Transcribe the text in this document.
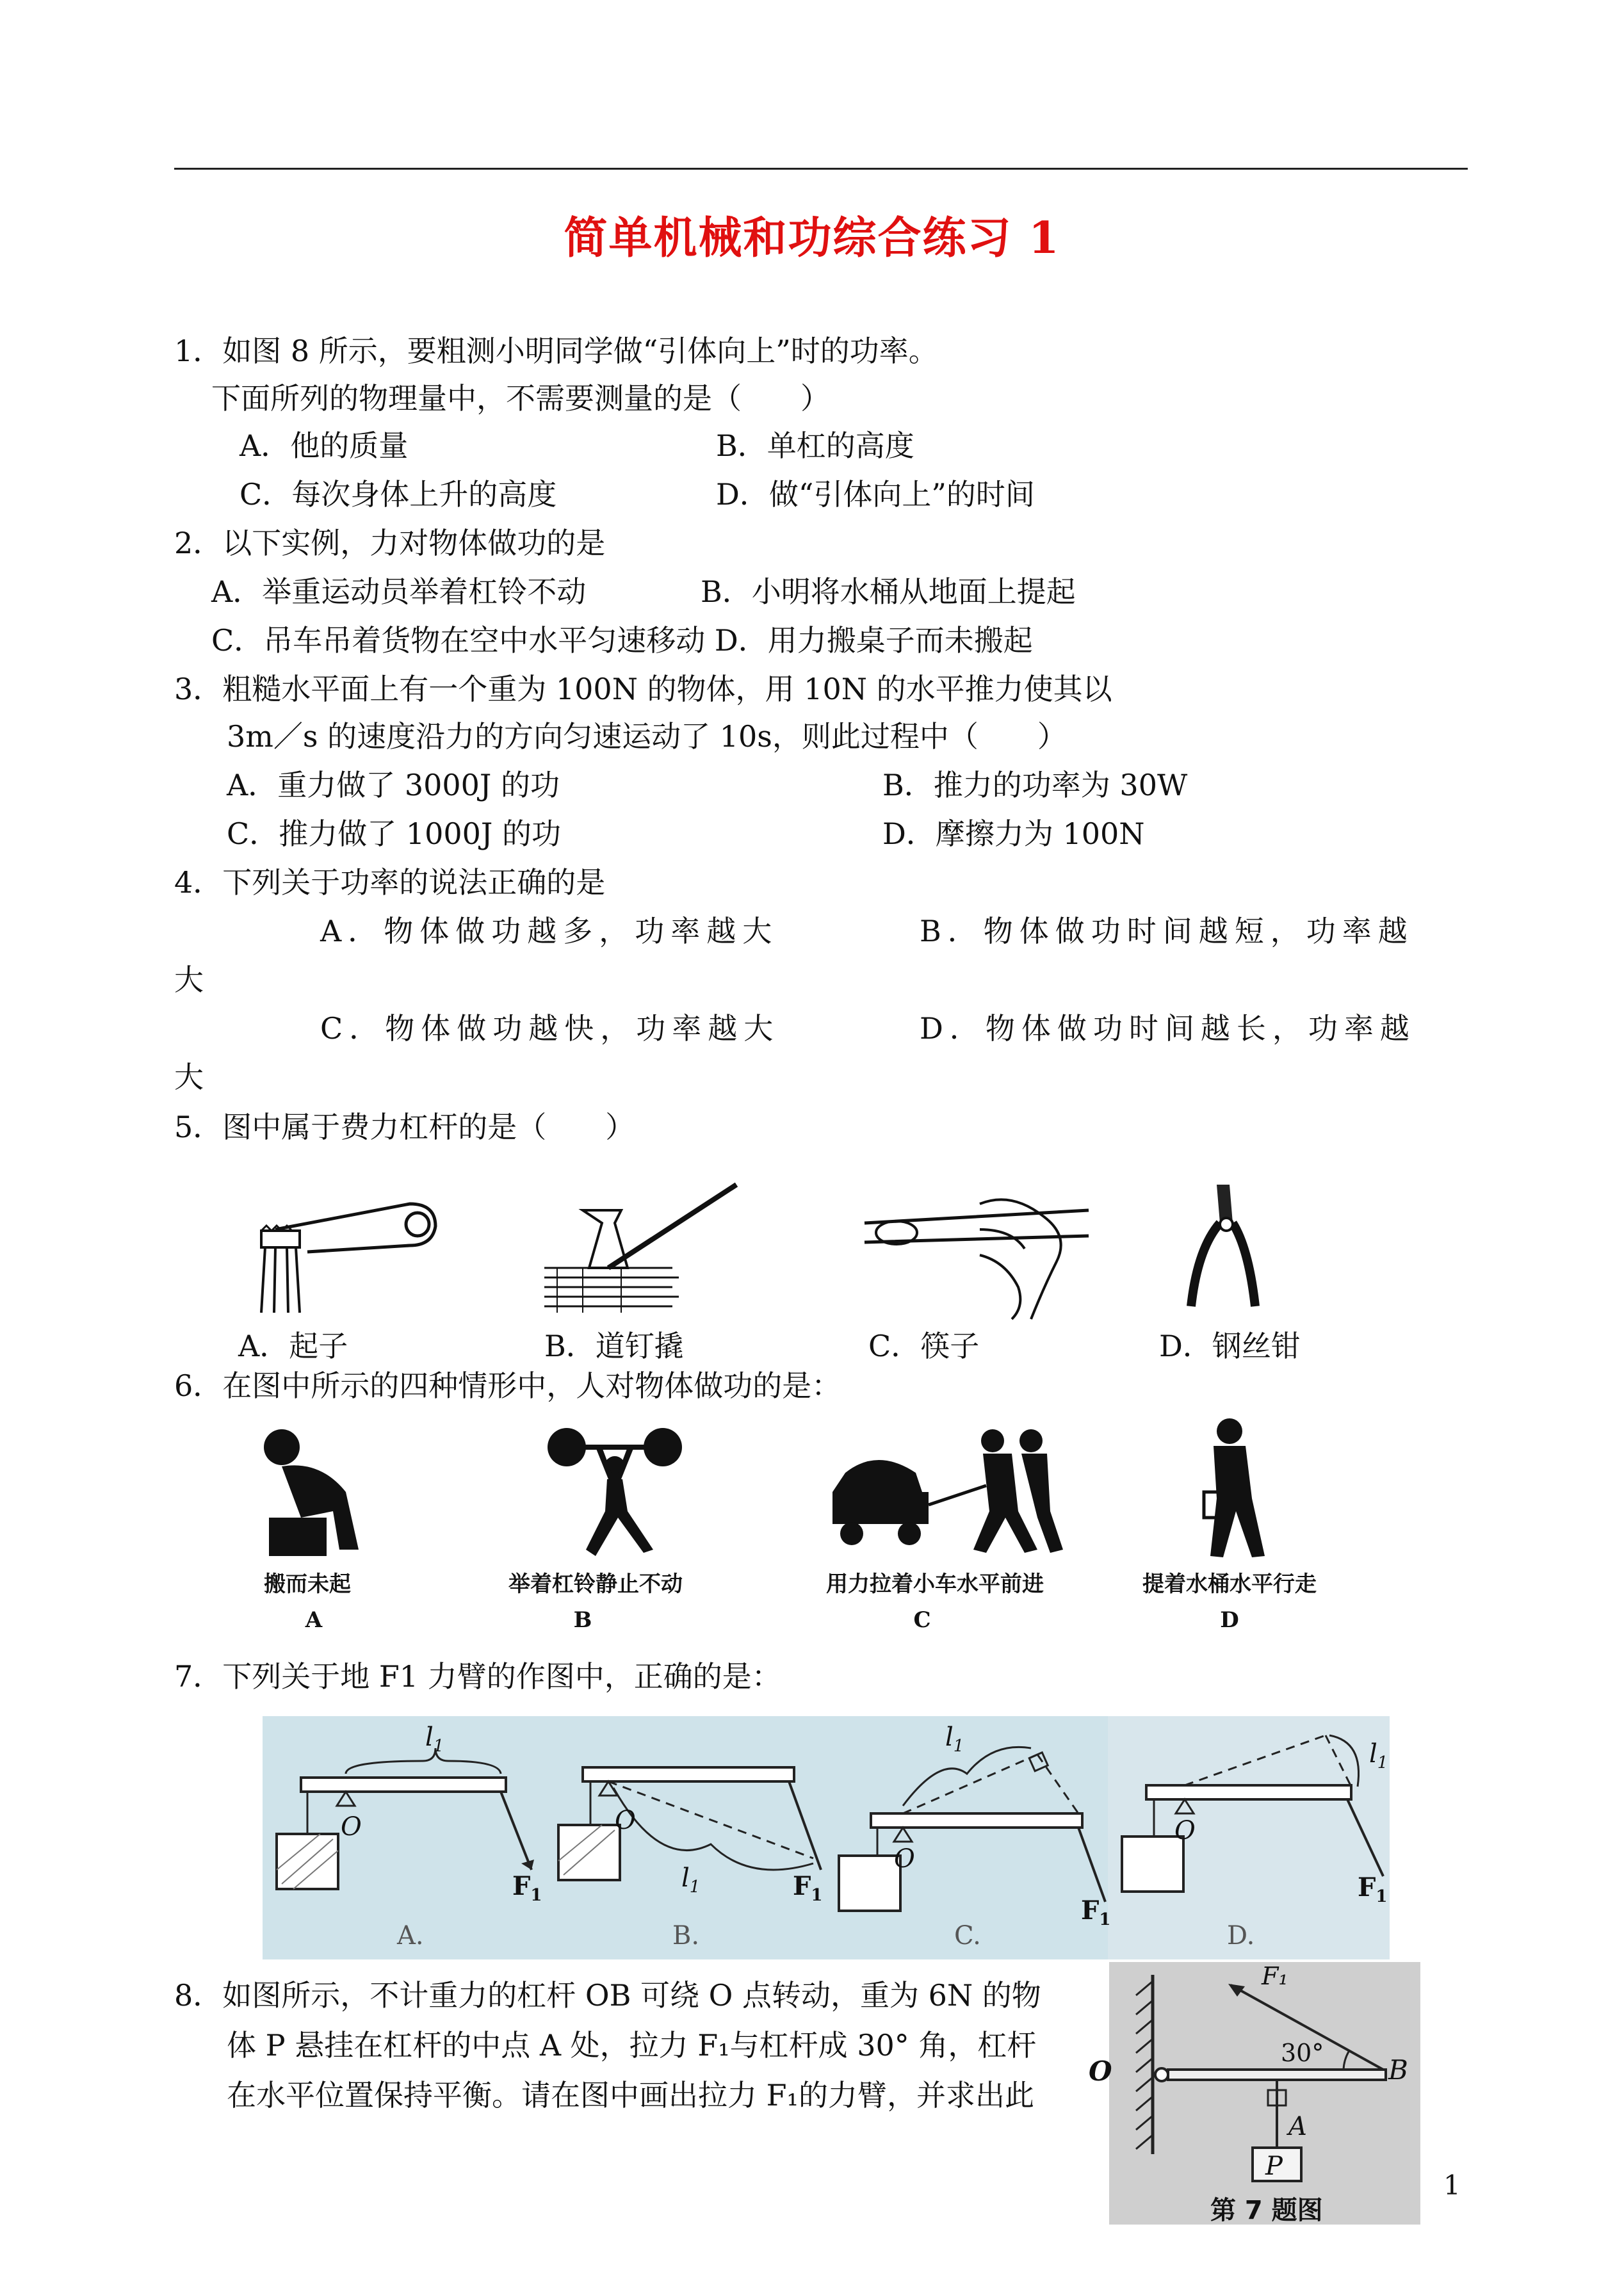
简单机械和功综合练习 1
1．如图 8 所示，要粗测小明同学做“引体向上”时的功率。
下面所列的物理量中，不需要测量的是（　　）
A．他的质量	B．单杠的高度
C．每次身体上升的高度	D．做“引体向上”的时间
2．以下实例，力对物体做功的是
A．举重运动员举着杠铃不动	B．小明将水桶从地面上提起
C．吊车吊着货物在空中水平匀速移动 D．用力搬桌子而未搬起
3．粗糙水平面上有一个重为 100N 的物体，用 10N 的水平推力使其以
3m／s 的速度沿力的方向匀速运动了 10s，则此过程中（　　）
A．重力做了 3000J 的功	B．推力的功率为 30W
C．推力做了 1000J 的功	D．摩擦力为 100N
4．下列关于功率的说法正确的是
A．物体做功越多，功率越大	B．物体做功时间越短，功率越
大
C．物体做功越快，功率越大	D．物体做功时间越长，功率越
大
5．图中属于费力杠杆的是（　　）
A．起子	B．道钉撬	C．筷子	D．钢丝钳
6．在图中所示的四种情形中，人对物体做功的是：
搬而未起	举着杠铃静止不动	用力拉着小车水平前进	提着水桶水平行走
A	B	C	D
7．下列关于地 F1 力臂的作图中，正确的是：
O	O
O
O
$F_1$	$F_1$	$F_1$
$F_1$
$l_1$
$l_1$
$l_1$	$l_1$
A.	B.	C.	D.
8．如图所示，不计重力的杠杆 OB 可绕 O 点转动，重为 6N 的物
体 P 悬挂在杠杆的中点 A 处，拉力 F₁与杠杆成 30° 角，杠杆
在水平位置保持平衡。请在图中画出拉力 F₁的力臂，并求出此
O	B
A
P
F₁
30°
第 7 题图
1
